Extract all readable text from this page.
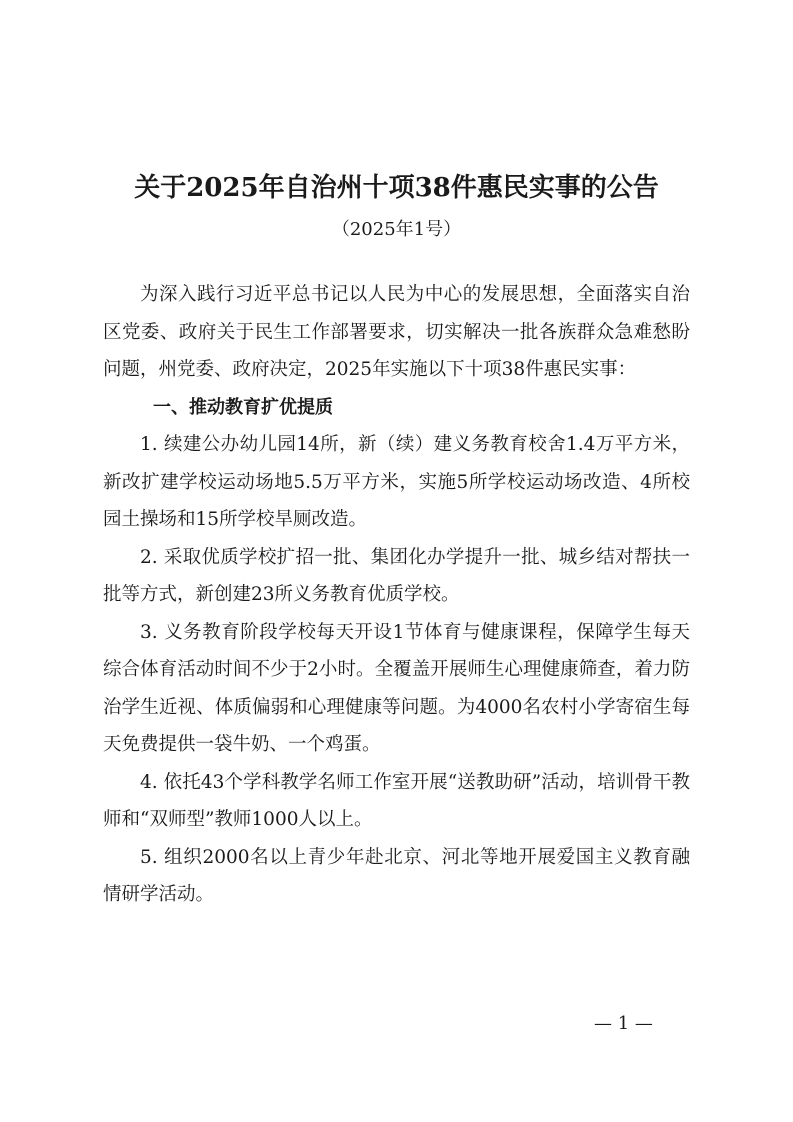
关于2025年自治州十项38件惠民实事的公告
（2025年1号）

为深入践行习近平总书记以人民为中心的发展思想，全面落实自治区党委、政府关于民生工作部署要求，切实解决一批各族群众急难愁盼问题，州党委、政府决定，2025年实施以下十项38件惠民实事：

一、推动教育扩优提质

1. 续建公办幼儿园14所，新（续）建义务教育校舍1.4万平方米，新改扩建学校运动场地5.5万平方米，实施5所学校运动场改造、4所校园土操场和15所学校旱厕改造。

2. 采取优质学校扩招一批、集团化办学提升一批、城乡结对帮扶一批等方式，新创建23所义务教育优质学校。

3. 义务教育阶段学校每天开设1节体育与健康课程，保障学生每天综合体育活动时间不少于2小时。全覆盖开展师生心理健康筛查，着力防治学生近视、体质偏弱和心理健康等问题。为4000名农村小学寄宿生每天免费提供一袋牛奶、一个鸡蛋。

4. 依托43个学科教学名师工作室开展“送教助研”活动，培训骨干教师和“双师型”教师1000人以上。

5. 组织2000名以上青少年赴北京、河北等地开展爱国主义教育融情研学活动。

— 1 —
